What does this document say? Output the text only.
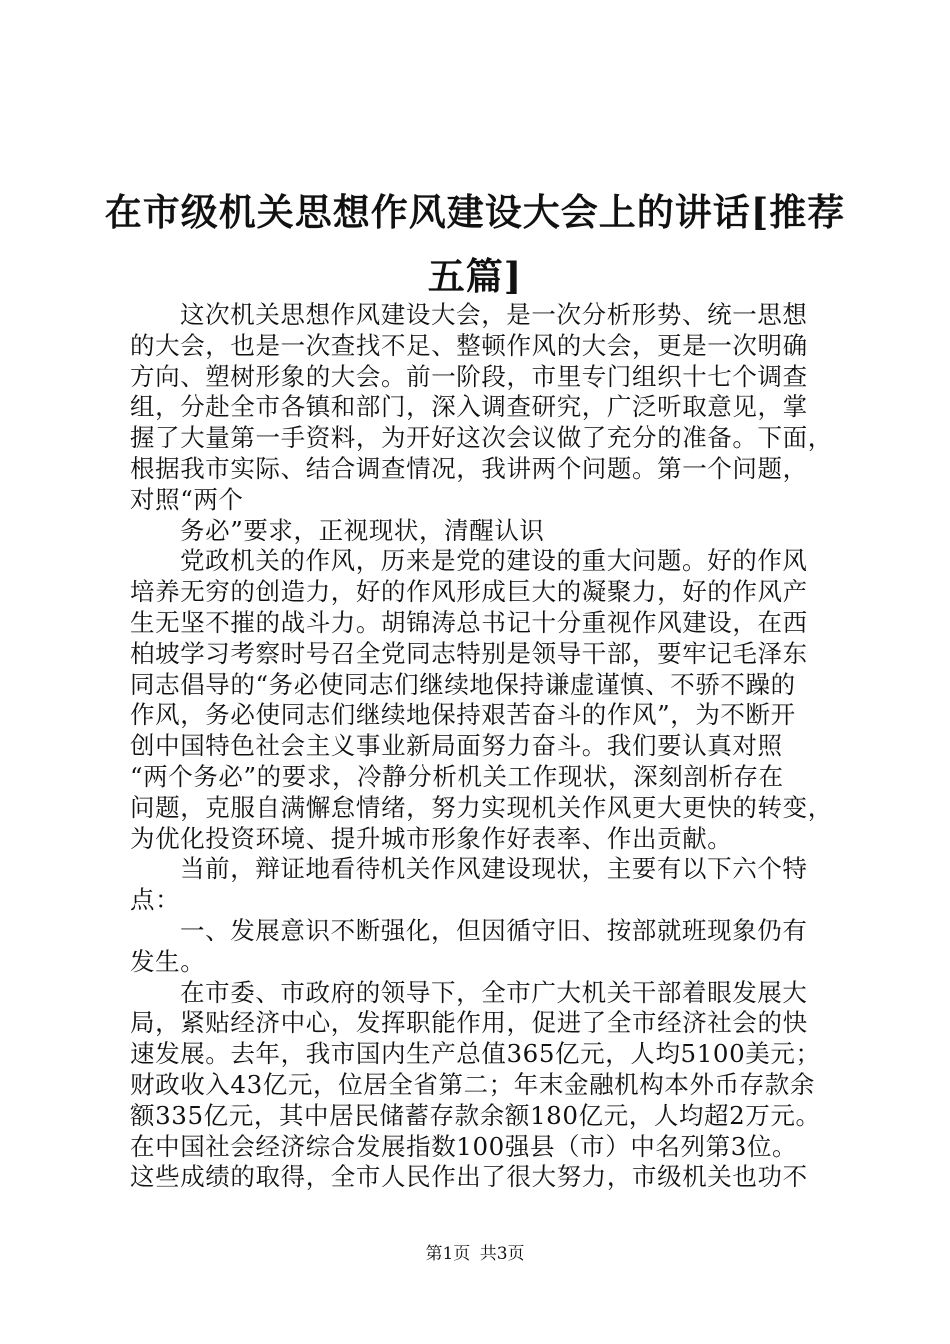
在市级机关思想作风建设大会上的讲话[推荐
五篇]
这次机关思想作风建设大会，是一次分析形势、统一思想
的大会，也是一次查找不足、整顿作风的大会，更是一次明确
方向、塑树形象的大会。前一阶段，市里专门组织十七个调查
组，分赴全市各镇和部门，深入调查研究，广泛听取意见，掌
握了大量第一手资料，为开好这次会议做了充分的准备。下面，
根据我市实际、结合调查情况，我讲两个问题。第一个问题，
对照“两个
务必”要求，正视现状，清醒认识
党政机关的作风，历来是党的建设的重大问题。好的作风
培养无穷的创造力，好的作风形成巨大的凝聚力，好的作风产
生无坚不摧的战斗力。胡锦涛总书记十分重视作风建设，在西
柏坡学习考察时号召全党同志特别是领导干部，要牢记毛泽东
同志倡导的“务必使同志们继续地保持谦虚谨慎、不骄不躁的
作风，务必使同志们继续地保持艰苦奋斗的作风”，为不断开
创中国特色社会主义事业新局面努力奋斗。我们要认真对照
“两个务必”的要求，冷静分析机关工作现状，深刻剖析存在
问题，克服自满懈怠情绪，努力实现机关作风更大更快的转变，
为优化投资环境、提升城市形象作好表率、作出贡献。
当前，辩证地看待机关作风建设现状，主要有以下六个特
点：
一、发展意识不断强化，但因循守旧、按部就班现象仍有
发生。
在市委、市政府的领导下，全市广大机关干部着眼发展大
局，紧贴经济中心，发挥职能作用，促进了全市经济社会的快
速发展。去年，我市国内生产总值365亿元，人均5100美元；
财政收入43亿元，位居全省第二；年末金融机构本外币存款余
额335亿元，其中居民储蓄存款余额180亿元，人均超2万元。
在中国社会经济综合发展指数100强县（市）中名列第3位。
这些成绩的取得，全市人民作出了很大努力，市级机关也功不
第1页 共3页
